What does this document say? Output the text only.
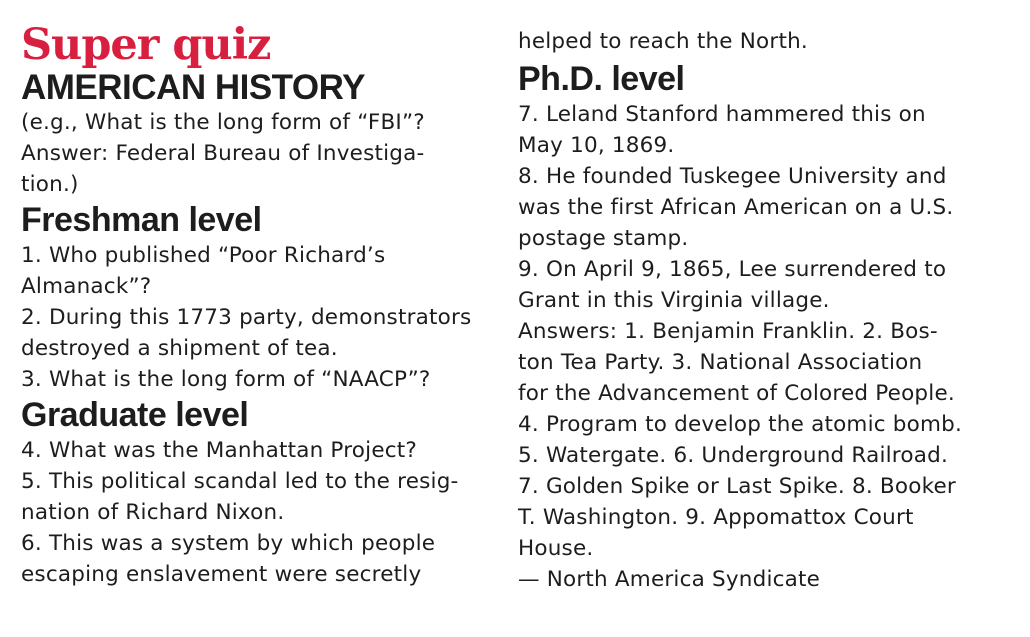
Super quiz
AMERICAN HISTORY
(e.g., What is the long form of “FBI”?
Answer: Federal Bureau of Investiga-
tion.)
Freshman level
1. Who published “Poor Richard’s
Almanack”?
2. During this 1773 party, demonstrators
destroyed a shipment of tea.
3. What is the long form of “NAACP”?
Graduate level
4. What was the Manhattan Project?
5. This political scandal led to the resig-
nation of Richard Nixon.
6. This was a system by which people
escaping enslavement were secretly
helped to reach the North.
Ph.D. level
7. Leland Stanford hammered this on
May 10, 1869.
8. He founded Tuskegee University and
was the first African American on a U.S.
postage stamp.
9. On April 9, 1865, Lee surrendered to
Grant in this Virginia village.
Answers: 1. Benjamin Franklin. 2. Bos-
ton Tea Party. 3. National Association
for the Advancement of Colored People.
4. Program to develop the atomic bomb.
5. Watergate. 6. Underground Railroad.
7. Golden Spike or Last Spike. 8. Booker
T. Washington. 9. Appomattox Court
House.
— North America Syndicate
